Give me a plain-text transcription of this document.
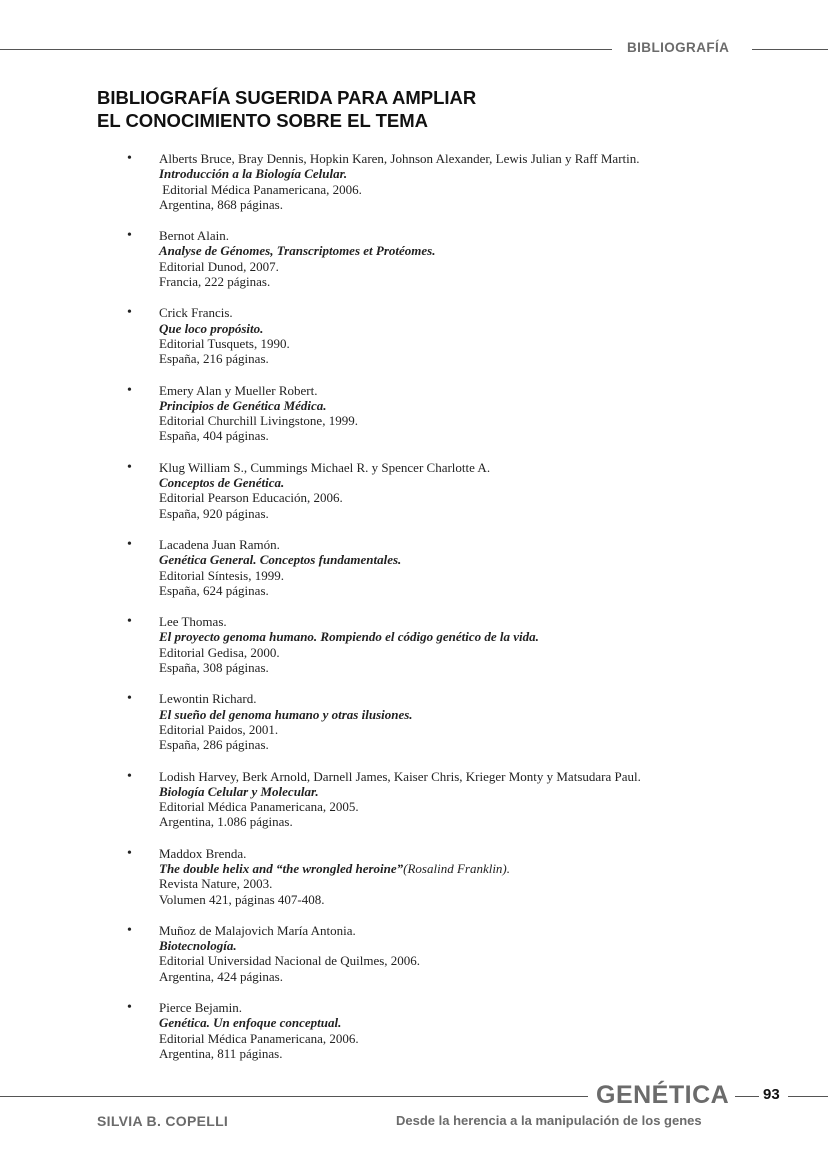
BIBLIOGRAFÍA
BIBLIOGRAFÍA SUGERIDA PARA AMPLIAR
EL CONOCIMIENTO SOBRE EL TEMA
• Alberts Bruce, Bray Dennis, Hopkin Karen, Johnson Alexander, Lewis Julian y Raff Martin.
Introducción a la Biología Celular.
Editorial Médica Panamericana, 2006.
Argentina, 868 páginas.
• Bernot Alain.
Analyse de Génomes, Transcriptomes et Protéomes.
Editorial Dunod, 2007.
Francia, 222 páginas.
• Crick Francis.
Que loco propósito.
Editorial Tusquets, 1990.
España, 216 páginas.
• Emery Alan y Mueller Robert.
Principios de Genética Médica.
Editorial Churchill Livingstone, 1999.
España, 404 páginas.
• Klug William S., Cummings Michael R. y Spencer Charlotte A.
Conceptos de Genética.
Editorial Pearson Educación, 2006.
España, 920 páginas.
• Lacadena Juan Ramón.
Genética General. Conceptos fundamentales.
Editorial Síntesis, 1999.
España, 624 páginas.
• Lee Thomas.
El proyecto genoma humano. Rompiendo el código genético de la vida.
Editorial Gedisa, 2000.
España, 308 páginas.
• Lewontin Richard.
El sueño del genoma humano y otras ilusiones.
Editorial Paidos, 2001.
España, 286 páginas.
• Lodish Harvey, Berk Arnold, Darnell James, Kaiser Chris, Krieger Monty y Matsudara Paul.
Biología Celular y Molecular.
Editorial Médica Panamericana, 2005.
Argentina, 1.086 páginas.
• Maddox Brenda.
The double helix and “the wrongled heroine”(Rosalind Franklin).
Revista Nature, 2003.
Volumen 421, páginas 407-408.
• Muñoz de Malajovich María Antonia.
Biotecnología.
Editorial Universidad Nacional de Quilmes, 2006.
Argentina, 424 páginas.
• Pierce Bejamin.
Genética. Un enfoque conceptual.
Editorial Médica Panamericana, 2006.
Argentina, 811 páginas.
GENÉTICA 93
SILVIA B. COPELLI	Desde la herencia a la manipulación de los genes
